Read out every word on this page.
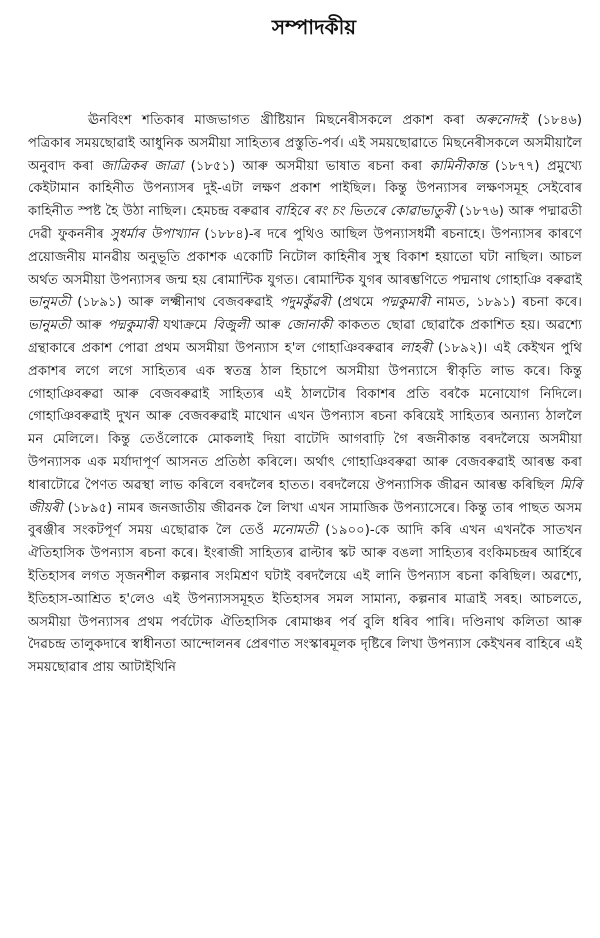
সম্পাদকীয়

ঊনবিংশ শতিকাৰ মাজভাগত খ্ৰীষ্টিয়ান মিছনেৰীসকলে প্ৰকাশ কৰা অৰুনোদই (১৮৪৬) পত্ৰিকাৰ সময়ছোৱাই আধুনিক অসমীয়া সাহিত্যৰ প্ৰস্তুতি-পৰ্ব। এই সময়ছোৱাতে মিছনেৰীসকলে অসমীয়ালৈ অনুবাদ কৰা জাত্ৰিকৰ জাত্ৰা (১৮৫১) আৰু অসমীয়া ভাষাত ৰচনা কৰা কামিনীকান্ত (১৮৭৭) প্ৰমুখ্যে কেইটামান কাহিনীত উপন্যাসৰ দুই-এটা লক্ষণ প্ৰকাশ পাইছিল। কিন্তু উপন্যাসৰ লক্ষণসমূহ সেইবোৰ কাহিনীত স্পষ্ট হৈ উঠা নাছিল। হেমচন্দ্ৰ বৰুৱাৰ বাহিৰে ৰং চং ভিতৰে কোৱাভাতুৰী (১৮৭৬) আৰু পদ্মাৱতী দেৱী ফুকননীৰ সুধৰ্মাৰ উপাখ্যান (১৮৮৪)-ৰ দৰে পুথিও আছিল উপন্যাসধৰ্মী ৰচনাহে। উপন্যাসৰ কাৰণে প্ৰয়োজনীয় মানৱীয় অনুভূতি প্ৰকাশক একোটি নিটোল কাহিনীৰ সুস্থ বিকাশ হয়াতো ঘটা নাছিল। আচল অৰ্থত অসমীয়া উপন্যাসৰ জন্ম হয় ৰোমান্টিক যুগত। ৰোমান্টিক যুগৰ আৰম্ভণিতে পদ্মনাথ গোহাঞি বৰুৱাই ভানুমতী (১৮৯১) আৰু লক্ষ্মীনাথ বেজবৰুৱাই পদুমকুঁৱৰী (প্ৰথমে পদ্মকুমাৰী নামত, ১৮৯১) ৰচনা কৰে। ভানুমতী আৰু পদ্মকুমাৰী যথাক্ৰমে বিজুলী আৰু জোনাকী কাকতত ছোৱা ছোৱাকৈ প্ৰকাশিত হয়। অৱশ্যে গ্ৰন্থাকাৰে প্ৰকাশ পোৱা প্ৰথম অসমীয়া উপন্যাস হ'ল গোহাঞিবৰুৱাৰ লাহৰী (১৮৯২)। এই কেইখন পুথি প্ৰকাশৰ লগে লগে সাহিত্যৰ এক স্বতন্ত্ৰ ঠাল হিচাপে অসমীয়া উপন্যাসে স্বীকৃতি লাভ কৰে। কিন্তু গোহাঞিবৰুৱা আৰু বেজবৰুৱাই সাহিত্যৰ এই ঠালটোৰ বিকাশৰ প্ৰতি বৰকৈ মনোযোগ নিদিলে। গোহাঞিবৰুৱাই দুখন আৰু বেজবৰুৱাই মাথোন এখন উপন্যাস ৰচনা কৰিয়েই সাহিত্যৰ অন্যান্য ঠাললৈ মন মেলিলে। কিন্তু তেওঁলোকে মোকলাই দিয়া বাটেদি আগবাঢ়ি গৈ ৰজনীকান্ত বৰদলৈয়ে অসমীয়া উপন্যাসক এক মৰ্যাদাপূৰ্ণ আসনত প্ৰতিষ্ঠা কৰিলে। অৰ্থাৎ গোহাঞিবৰুৱা আৰু বেজবৰুৱাই আৰম্ভ কৰা ধাৰাটোৱে পৈণত অৱস্থা লাভ কৰিলে বৰদলৈৰ হাতত। বৰদলৈয়ে ঔপন্যাসিক জীৱন আৰম্ভ কৰিছিল মিৰি জীয়ৰী (১৮৯৫) নামৰ জনজাতীয় জীৱনক লৈ লিখা এখন সামাজিক উপন্যাসেৰে। কিন্তু তাৰ পাছত অসম বুৰঞ্জীৰ সংকটপূৰ্ণ সময় এছোৱাক লৈ তেওঁ মনোমতী (১৯০০)-কে আদি কৰি এখন এখনকৈ সাতখন ঐতিহাসিক উপন্যাস ৰচনা কৰে। ইংৰাজী সাহিত্যৰ ৱাল্টাৰ স্কট আৰু বঙলা সাহিত্যৰ বংকিমচন্দ্ৰৰ আৰ্হিৰে ইতিহাসৰ লগত সৃজনশীল কল্পনাৰ সংমিশ্ৰণ ঘটাই বৰদলৈয়ে এই লানি উপন্যাস ৰচনা কৰিছিল। অৱশ্যে, ইতিহাস-আশ্ৰিত হ'লেও এই উপন্যাসসমূহত ইতিহাসৰ সমল সামান্য, কল্পনাৰ মাত্ৰাই সৰহ। আচলতে, অসমীয়া উপন্যাসৰ প্ৰথম পৰ্বটোক ঐতিহাসিক ৰোমাঞ্চৰ পৰ্ব বুলি ধৰিব পাৰি। দণ্ডিনাথ কলিতা আৰু দৈৱচন্দ্ৰ তালুকদাৰে স্বাধীনতা আন্দোলনৰ প্ৰেৰণাত সংস্কাৰমূলক দৃষ্টিৰে লিখা উপন্যাস কেইখনৰ বাহিৰে এই সময়ছোৱাৰ প্ৰায় আটাইখিনি
